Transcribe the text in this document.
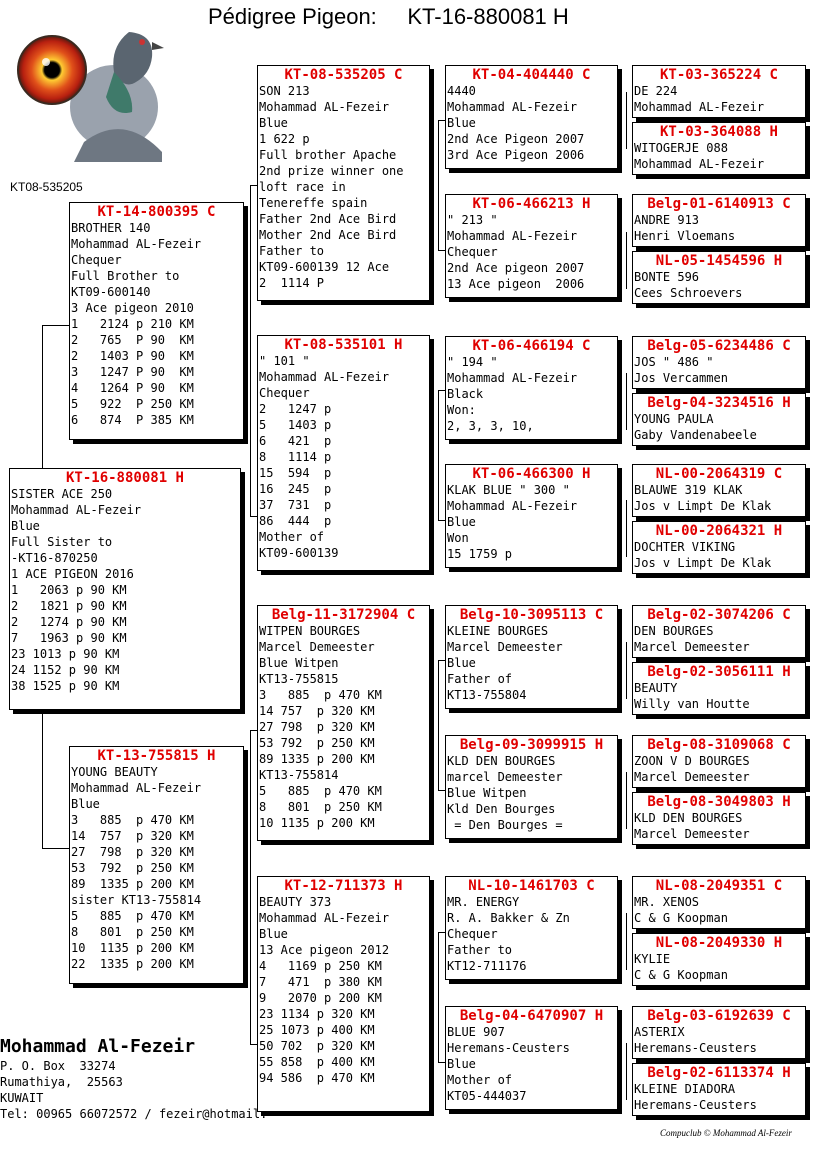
Pédigree Pigeon:     KT-16-880081 H
KT08-535205
KT-16-880081 H
SISTER ACE 250
Mohammad AL-Fezeir
Blue
Full Sister to
-KT16-870250
1 ACE PIGEON 2016
1   2063 p 90 KM
2   1821 p 90 KM
2   1274 p 90 KM
7   1963 p 90 KM
23 1013 p 90 KM
24 1152 p 90 KM
38 1525 p 90 KM
KT-14-800395 C
BROTHER 140
Mohammad AL-Fezeir
Chequer
Full Brother to
KT09-600140
3 Ace pigeon 2010
1   2124 p 210 KM
2   765  P 90  KM
2   1403 P 90  KM
3   1247 P 90  KM
4   1264 P 90  KM
5   922  P 250 KM
6   874  P 385 KM
KT-13-755815 H
YOUNG BEAUTY
Mohammad AL-Fezeir
Blue
3   885  p 470 KM
14  757  p 320 KM
27  798  p 320 KM
53  792  p 250 KM
89  1335 p 200 KM
sister KT13-755814
5   885  p 470 KM
8   801  p 250 KM
10  1135 p 200 KM
22  1335 p 200 KM
KT-08-535205 C
SON 213
Mohammad AL-Fezeir
Blue
1 622 p
Full brother Apache
2nd prize winner one
loft race in
Tenereffe spain
Father 2nd Ace Bird
Mother 2nd Ace Bird
Father to
KT09-600139 12 Ace
2  1114 P
KT-08-535101 H
" 101 "
Mohammad AL-Fezeir
Chequer
2   1247 p
5   1403 p
6   421  p
8   1114 p
15  594  p
16  245  p
37  731  p
86  444  p
Mother of
KT09-600139
Belg-11-3172904 C
WITPEN BOURGES
Marcel Demeester
Blue Witpen
KT13-755815
3   885  p 470 KM
14 757  p 320 KM
27 798  p 320 KM
53 792  p 250 KM
89 1335 p 200 KM
KT13-755814
5   885  p 470 KM
8   801  p 250 KM
10 1135 p 200 KM
KT-12-711373 H
BEAUTY 373
Mohammad AL-Fezeir
Blue
13 Ace pigeon 2012
4   1169 p 250 KM
7   471  p 380 KM
9   2070 p 200 KM
23 1134 p 320 KM
25 1073 p 400 KM
50 702  p 320 KM
55 858  p 400 KM
94 586  p 470 KM
KT-04-404440 C
4440
Mohammad AL-Fezeir
Blue
2nd Ace Pigeon 2007
3rd Ace Pigeon 2006
KT-06-466213 H
" 213 "
Mohammad AL-Fezeir
Chequer
2nd Ace pigeon 2007
13 Ace pigeon  2006
KT-06-466194 C
" 194 "
Mohammad AL-Fezeir
Black
Won:
2, 3, 3, 10,
KT-06-466300 H
KLAK BLUE " 300 "
Mohammad AL-Fezeir
Blue
Won
15 1759 p
Belg-10-3095113 C
KLEINE BOURGES
Marcel Demeester
Blue
Father of
KT13-755804
Belg-09-3099915 H
KLD DEN BOURGES
marcel Demeester
Blue Witpen
Kld Den Bourges
= Den Bourges =
NL-10-1461703 C
MR. ENERGY
R. A. Bakker & Zn
Chequer
Father to
KT12-711176
Belg-04-6470907 H
BLUE 907
Heremans-Ceusters
Blue
Mother of
KT05-444037
KT-03-365224 C
DE 224
Mohammad AL-Fezeir
KT-03-364088 H
WITOGERJE 088
Mohammad AL-Fezeir
Belg-01-6140913 C
ANDRE 913
Henri Vloemans
NL-05-1454596 H
BONTE 596
Cees Schroevers
Belg-05-6234486 C
JOS " 486 "
Jos Vercammen
Belg-04-3234516 H
YOUNG PAULA
Gaby Vandenabeele
NL-00-2064319 C
BLAUWE 319 KLAK
Jos v Limpt De Klak
NL-00-2064321 H
DOCHTER VIKING
Jos v Limpt De Klak
Belg-02-3074206 C
DEN BOURGES
Marcel Demeester
Belg-02-3056111 H
BEAUTY
Willy van Houtte
Belg-08-3109068 C
ZOON V D BOURGES
Marcel Demeester
Belg-08-3049803 H
KLD DEN BOURGES
Marcel Demeester
NL-08-2049351 C
MR. XENOS
C & G Koopman
NL-08-2049330 H
KYLIE
C & G Koopman
Belg-03-6192639 C
ASTERIX
Heremans-Ceusters
Belg-02-6113374 H
KLEINE DIADORA
Heremans-Ceusters
Mohammad Al-Fezeir
P. O. Box  33274
Rumathiya,  25563
KUWAIT
Tel: 00965 66072572 / fezeir@hotmail.
Compuclub © Mohammad Al-Fezeir
